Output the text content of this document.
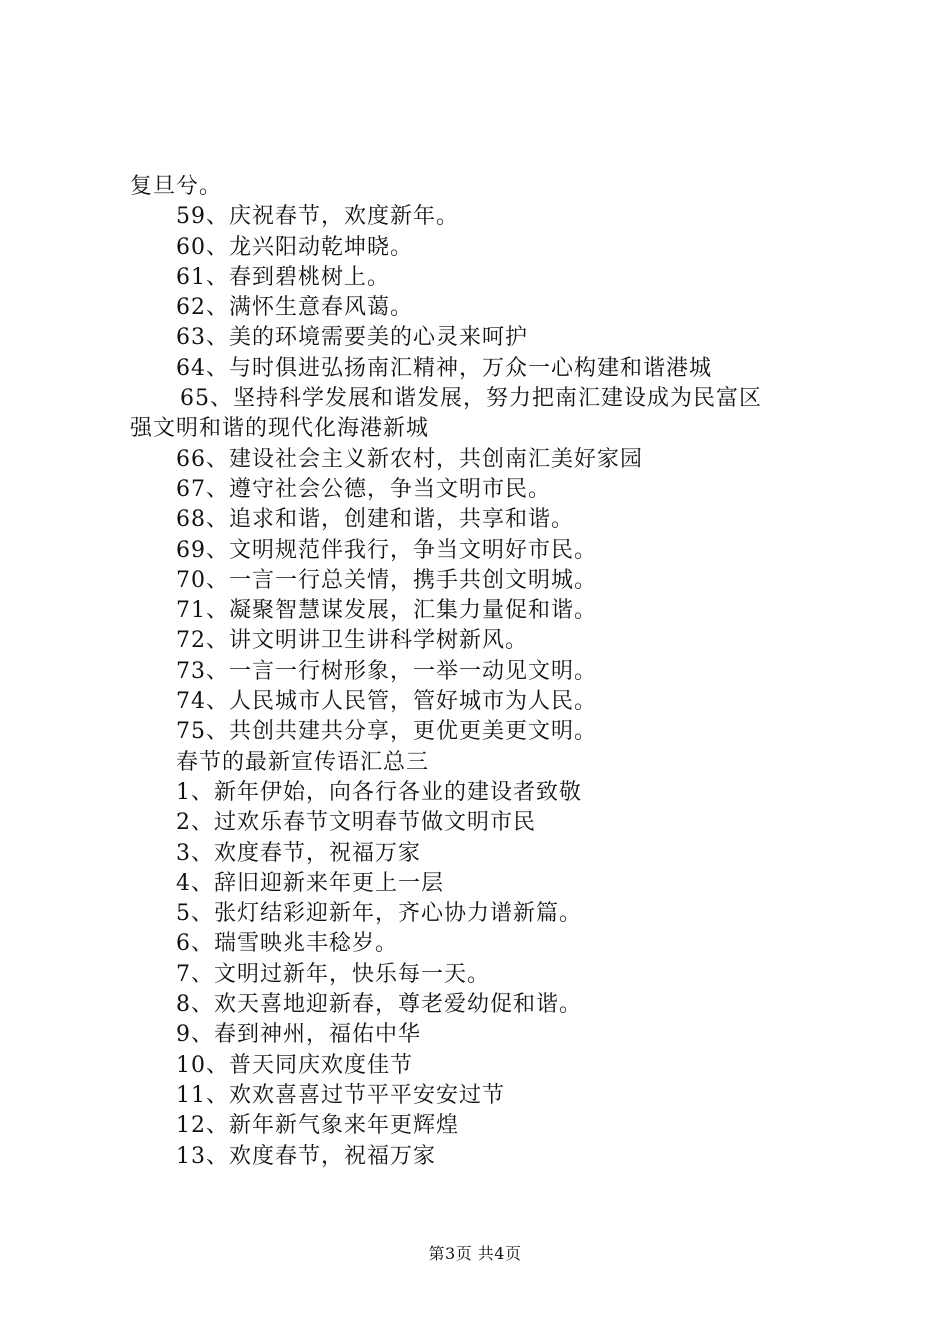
复旦兮。
59、庆祝春节，欢度新年。
60、龙兴阳动乾坤晓。
61、春到碧桃树上。
62、满怀生意春风蔼。
63、美的环境需要美的心灵来呵护
64、与时俱进弘扬南汇精神，万众一心构建和谐港城
65、坚持科学发展和谐发展，努力把南汇建设成为民富区
强文明和谐的现代化海港新城
66、建设社会主义新农村，共创南汇美好家园
67、遵守社会公德，争当文明市民。
68、追求和谐，创建和谐，共享和谐。
69、文明规范伴我行，争当文明好市民。
70、一言一行总关情，携手共创文明城。
71、凝聚智慧谋发展，汇集力量促和谐。
72、讲文明讲卫生讲科学树新风。
73、一言一行树形象，一举一动见文明。
74、人民城市人民管，管好城市为人民。
75、共创共建共分享，更优更美更文明。
春节的最新宣传语汇总三
1、新年伊始，向各行各业的建设者致敬
2、过欢乐春节文明春节做文明市民
3、欢度春节，祝福万家
4、辞旧迎新来年更上一层
5、张灯结彩迎新年，齐心协力谱新篇。
6、瑞雪映兆丰稔岁。
7、文明过新年，快乐每一天。
8、欢天喜地迎新春，尊老爱幼促和谐。
9、春到神州，福佑中华
10、普天同庆欢度佳节
11、欢欢喜喜过节平平安安过节
12、新年新气象来年更辉煌
13、欢度春节，祝福万家
第3页 共4页
